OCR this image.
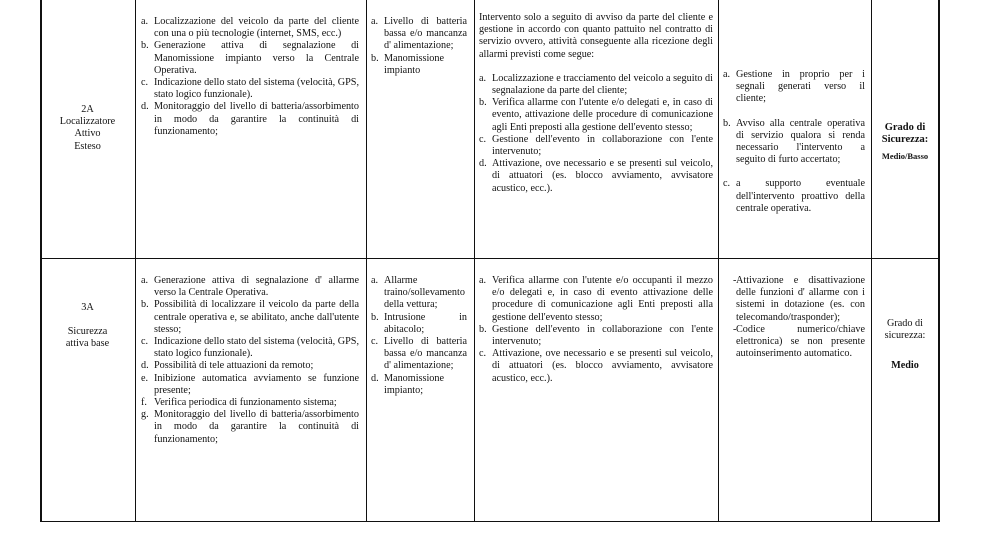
2A
Localizzatore
Attivo
Esteso
a. Localizzazione del veicolo da parte del cliente con una o più tecnologie (internet, SMS, ecc.)
b. Generazione attiva di segnalazione di Manomissione impianto verso la Centrale Operativa.
c. Indicazione dello stato del sistema (velocità, GPS, stato logico funzionale).
d. Monitoraggio del livello di batteria/assorbimento in modo da garantire la continuità di funzionamento;
a. Livello di batteria bassa e/o mancanza d' alimentazione;
b. Manomissione impianto

Intervento solo a seguito di avviso da parte del cliente e gestione in accordo con quanto pattuito nel contratto di servizio ovvero, attività conseguente alla ricezione degli allarmi previsti come segue:

a. Localizzazione e tracciamento del veicolo a seguito di segnalazione da parte del cliente;
b. Verifica allarme con l'utente e/o delegati e, in caso di evento, attivazione delle procedure di comunicazione agli Enti preposti alla gestione dell'evento stesso;
c. Gestione dell'evento in collaborazione con l'ente intervenuto;
d. Attivazione, ove necessario e se presenti sul veicolo, di attuatori (es. blocco avviamento, avvisatore acustico, ecc.).
a. Gestione in proprio per i segnali generati verso il cliente;
b. Avviso alla centrale operativa di servizio qualora si renda necessario l'intervento a seguito di furto accertato;
c. a supporto eventuale dell'intervento proattivo della centrale operativa.
Grado di Sicurezza:
Medio/Basso
3A
Sicurezza
attiva base
a. Generazione attiva di segnalazione d' allarme verso la Centrale Operativa.
b. Possibilità di localizzare il veicolo da parte della centrale operativa e, se abilitato, anche dall'utente stesso;
c. Indicazione dello stato del sistema (velocità, GPS, stato logico funzionale).
d. Possibilità di tele attuazioni da remoto;
e. Inibizione automatica avviamento se funzione presente;
f. Verifica periodica di funzionamento sistema;
g. Monitoraggio del livello di batteria/assorbimento in modo da garantire la continuità di funzionamento;
a. Allarme traino/sollevamento della vettura;
b. Intrusione in abitacolo;
c. Livello di batteria bassa e/o mancanza d' alimentazione;
d. Manomissione impianto;
a. Verifica allarme con l'utente e/o occupanti il mezzo e/o delegati e, in caso di evento attivazione delle procedure di comunicazione agli Enti preposti alla gestione dell'evento stesso;
b. Gestione dell'evento in collaborazione con l'ente intervenuto;
c. Attivazione, ove necessario e se presenti sul veicolo, di attuatori (es. blocco avviamento, avvisatore acustico, ecc.).
- Attivazione e disattivazione delle funzioni d' allarme con i sistemi in dotazione (es. con telecomando/trasponder);
- Codice numerico/chiave elettronica) se non presente autoinserimento automatico.
Grado di sicurezza:
Medio
